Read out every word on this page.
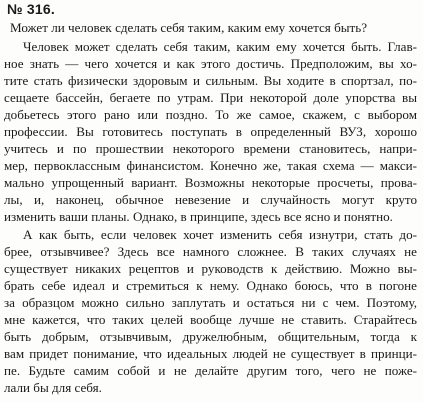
№ 316.
Может ли человек сделать себя таким, каким ему хочется быть?
Человек может сделать себя таким, каким ему хочется быть. Глав-
ное знать — чего хочется и как этого достичь. Предположим, вы хо-
тите стать физически здоровым и сильным. Вы ходите в спортзал, по-
сещаете бассейн, бегаете по утрам. При некоторой доле упорства вы
добьетесь этого рано или поздно. То же самое, скажем, с выбором
профессии. Вы готовитесь поступать в определенный ВУЗ, хорошо
учитесь и по прошествии некоторого времени становитесь, напри-
мер, первоклассным финансистом. Конечно же, такая схема — макси-
мально упрощенный вариант. Возможны некоторые просчеты, прова-
лы, и, наконец, обычное невезение и случайность могут круто
изменить ваши планы. Однако, в принципе, здесь все ясно и понятно.
А как быть, если человек хочет изменить себя изнутри, стать до-
брее, отзывчивее? Здесь все намного сложнее. В таких случаях не
существует никаких рецептов и руководств к действию. Можно вы-
брать себе идеал и стремиться к нему. Однако боюсь, что в погоне
за образцом можно сильно заплутать и остаться ни с чем. Поэтому,
мне кажется, что таких целей вообще лучше не ставить. Старайтесь
быть добрым, отзывчивым, дружелюбным, общительным, тогда к
вам придет понимание, что идеальных людей не существует в принци-
пе. Будьте самим собой и не делайте другим того, чего не поже-
лали бы для себя.
